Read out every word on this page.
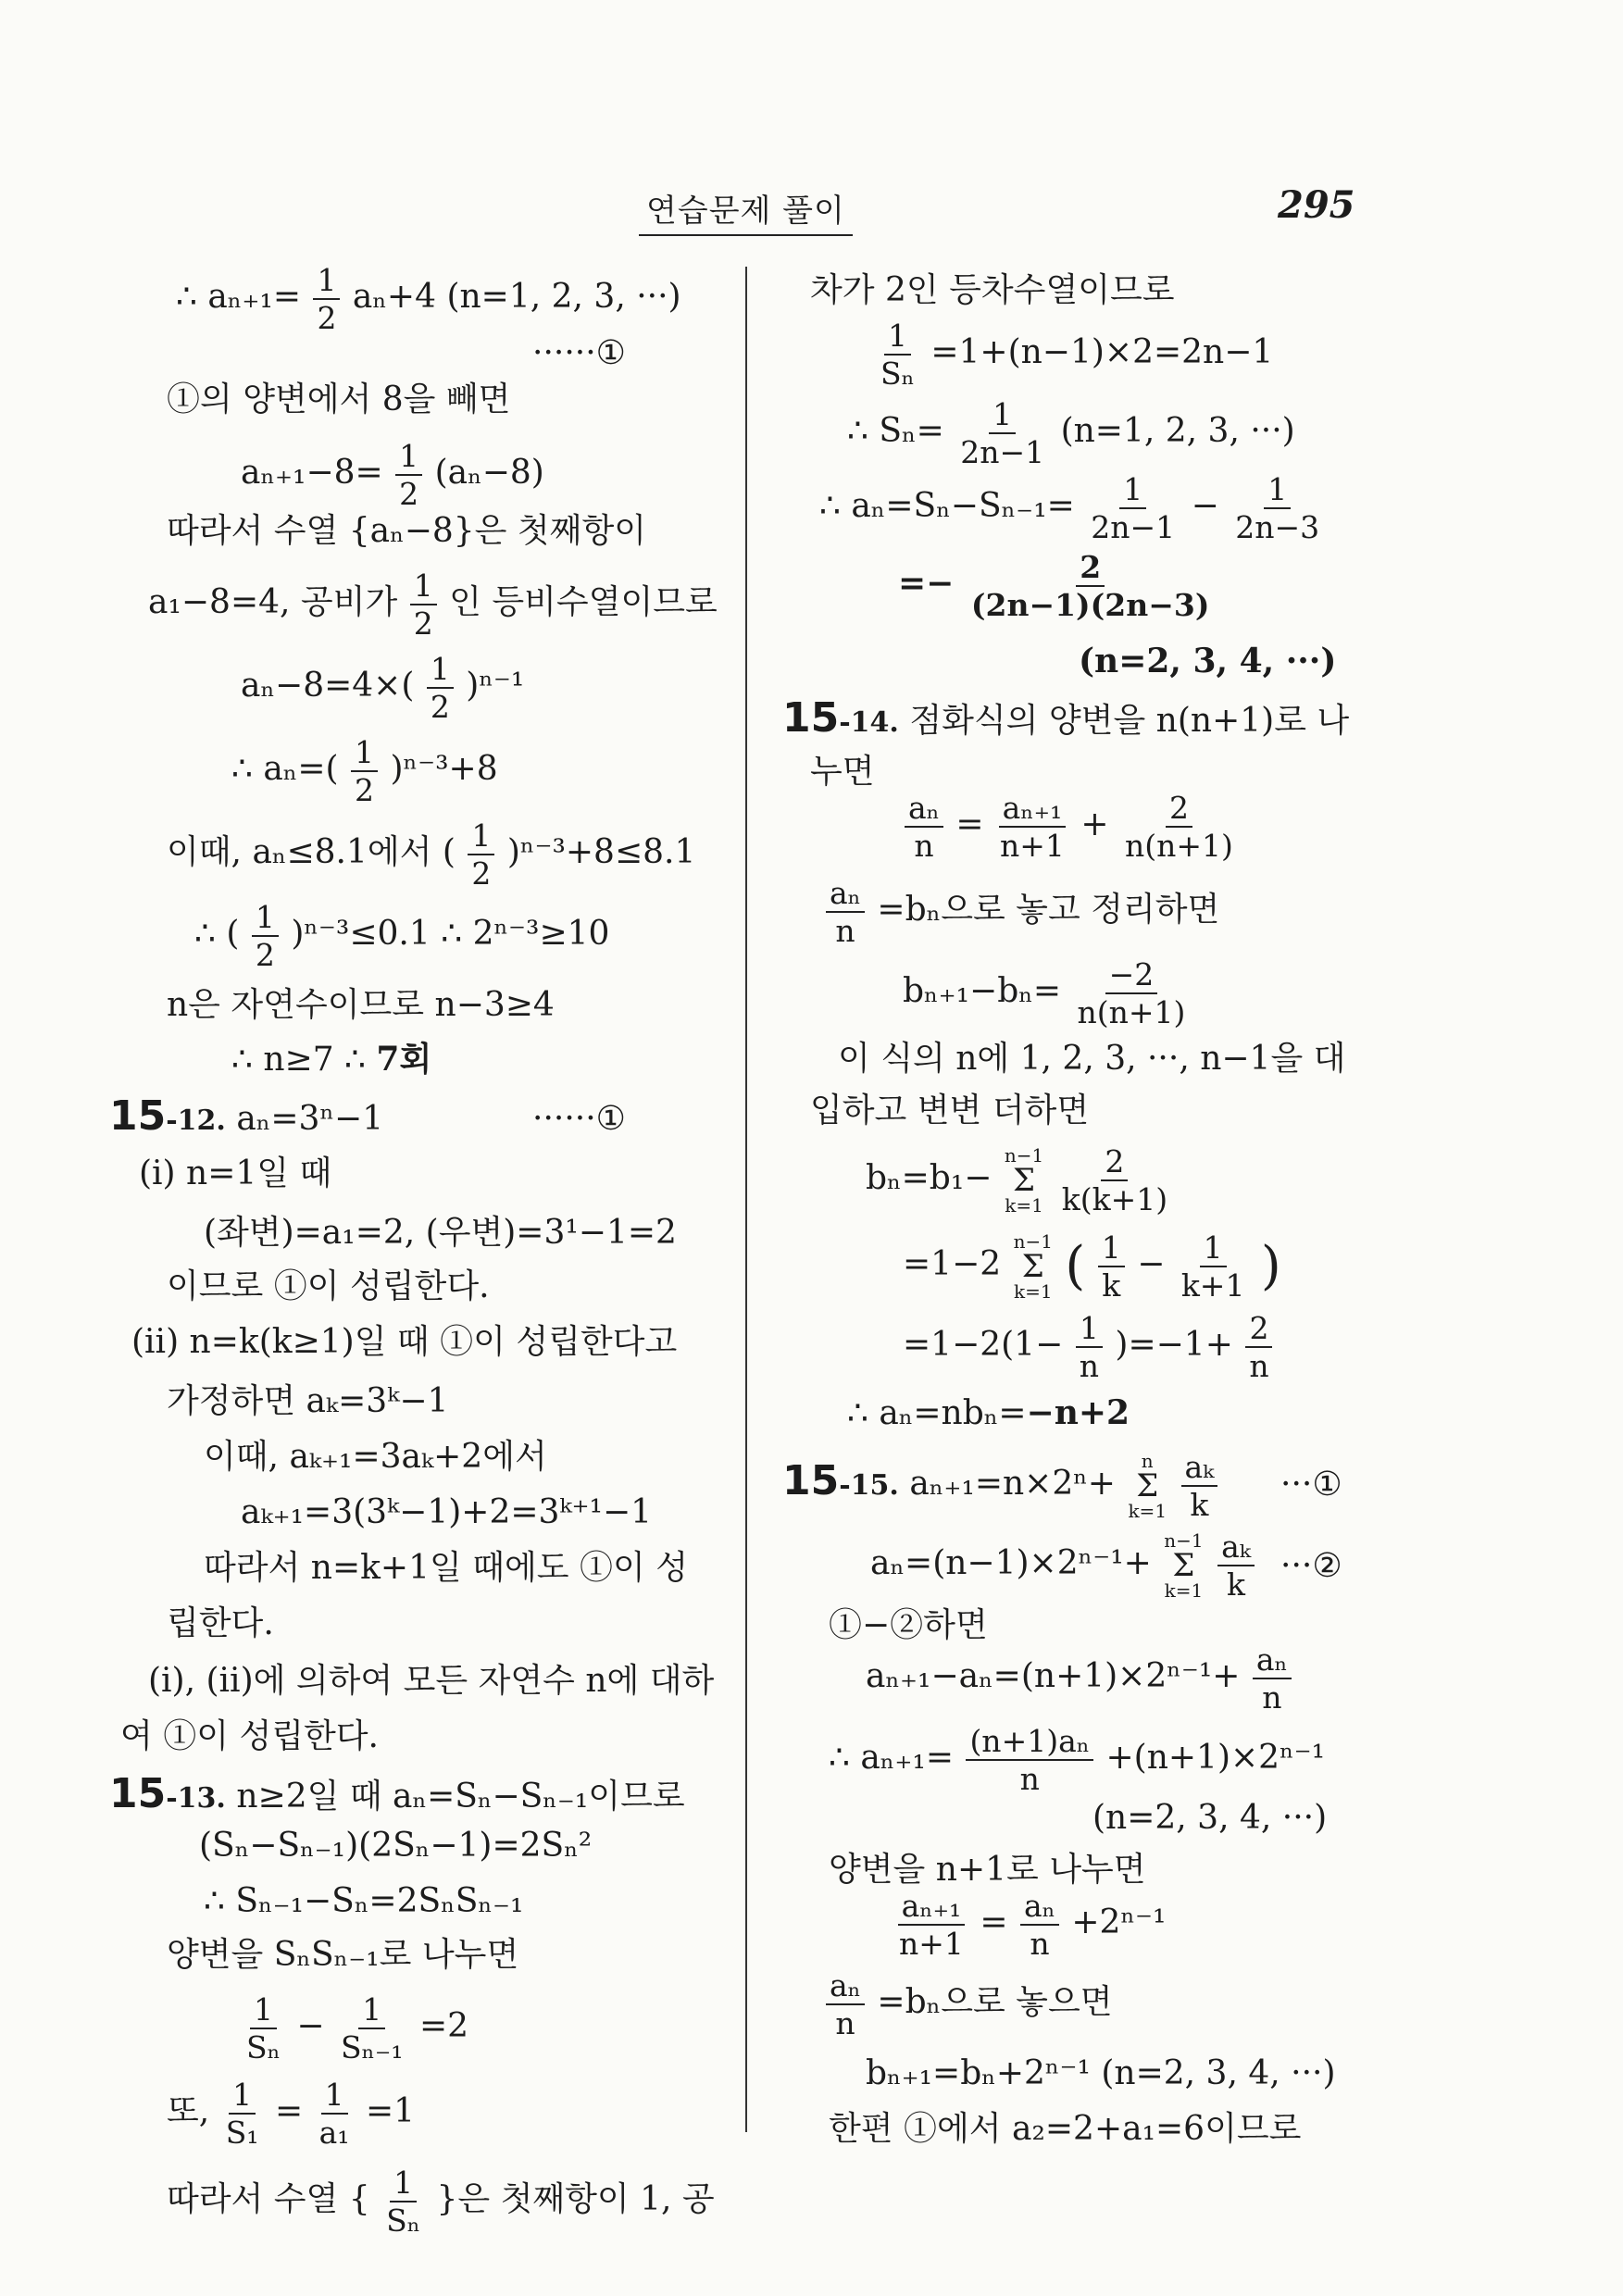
연습문제 풀이	295
∴ $a_{n+1}= \frac{1}{2} a_n+4$ (n=1, 2, 3, ···)
······①
①의 양변에서 8을 빼면
$a_{n+1}-8= \frac{1}{2} (a_n-8)$
따라서 수열 {aₙ−8}은 첫째항이
a₁−8=4, 공비가 $\frac{1}{2}$ 인 등비수열이므로
$a_n-8=4\times( \frac{1}{2} )^{n-1}$
∴ $a_n=( \frac{1}{2} )^{n-3}+8$
이때, aₙ≤8.1에서 ( $\frac{1}{2} )^{n-3}+8\le 8.1$
∴ ( $\frac{1}{2} )^{n-3}\le 0.1$ ∴ 2ⁿ⁻³≥10
n은 자연수이므로 n−3≥4
∴ n≥7 ∴ 7회
15-12. aₙ=3ⁿ−1	······①
(i) n=1일 때
(좌변)=a₁=2, (우변)=3¹−1=2
이므로 ①이 성립한다.
(ii) n=k(k≥1)일 때 ①이 성립한다고
가정하면 aₖ=3ᵏ−1
이때, aₖ₊₁=3aₖ+2에서
aₖ₊₁=3(3ᵏ−1)+2=3ᵏ⁺¹−1
따라서 n=k+1일 때에도 ①이 성
립한다.
(i), (ii)에 의하여 모든 자연수 n에 대하
여 ①이 성립한다.
15-13. n≥2일 때 aₙ=Sₙ−Sₙ₋₁이므로
(Sₙ−Sₙ₋₁)(2Sₙ−1)=2Sₙ²
∴ Sₙ₋₁−Sₙ=2SₙSₙ₋₁
양변을 SₙSₙ₋₁로 나누면
$\frac{1}{\text{Sₙ}} - \frac{1}{\text{Sₙ₋₁}} =2$
또, $\frac{1}{\text{S₁}} = \frac{1}{\text{a₁}} =1$
따라서 수열 { $\frac{1}{\text{Sₙ}}$ }은 첫째항이 1, 공
차가 2인 등차수열이므로
$\frac{1}{\text{Sₙ}} =1+(n-1)\times 2=2n-1$
∴ $S_n= \frac{1}{2n-1} (n=1$, 2, 3, ···)
∴ $a_n=S_n-S_{n-1}= \frac{1}{2n-1} - \frac{1}{2n-3}$
=− $\frac{2}{(2n-1)(2n-3)}$
(n=2, 3, 4, ···)
15-14. 점화식의 양변을 n(n+1)로 나
누면
$\frac{\text{aₙ}}{n} = \frac{\text{aₙ₊₁}}{n+1} + \frac{2}{n(n+1)}$
$\frac{\text{aₙ}}{n} =b_n$으로 놓고 정리하면
$b_{n+1}-b_n= \frac{-2}{n(n+1)}$
이 식의 n에 1, 2, 3, ···, n−1을 대
입하고 변변 더하면
bₙ=b₁−
n−1
Σ
k=1
$\frac{2}{k(k+1)}$
=1−2
n−1
Σ
k=1 ( $\frac{1}{k} - \frac{1}{k+1}$ )
$=1-2(1- \frac{1}{n} )=-1+ \frac{2}{n}$
∴ aₙ=nbₙ=−n+2
15-15. aₙ₊₁=n×2ⁿ+
n
Σ
k=1
$\frac{\text{aₖ}}{k}$ ···①
aₙ=(n−1)×2ⁿ⁻¹+
n−1
Σ
k=1
$\frac{\text{aₖ}}{k}$ ···②
①−②하면
$a_{n+1}-a_n=(n+1)\times 2^{n-1}+ \frac{\text{aₙ}}{n}$
∴ $a_{n+1}= \frac{\text{(n+1)aₙ}}{n} +(n+1)\times 2^{n-1}$
(n=2, 3, 4, ···)
양변을 n+1로 나누면
$\frac{\text{aₙ₊₁}}{n+1} = \frac{\text{aₙ}}{n} +2^{n-1}$
$\frac{\text{aₙ}}{n} =b_n$으로 놓으면
bₙ₊₁=bₙ+2ⁿ⁻¹ (n=2, 3, 4, ···)
한편 ①에서 a₂=2+a₁=6이므로
